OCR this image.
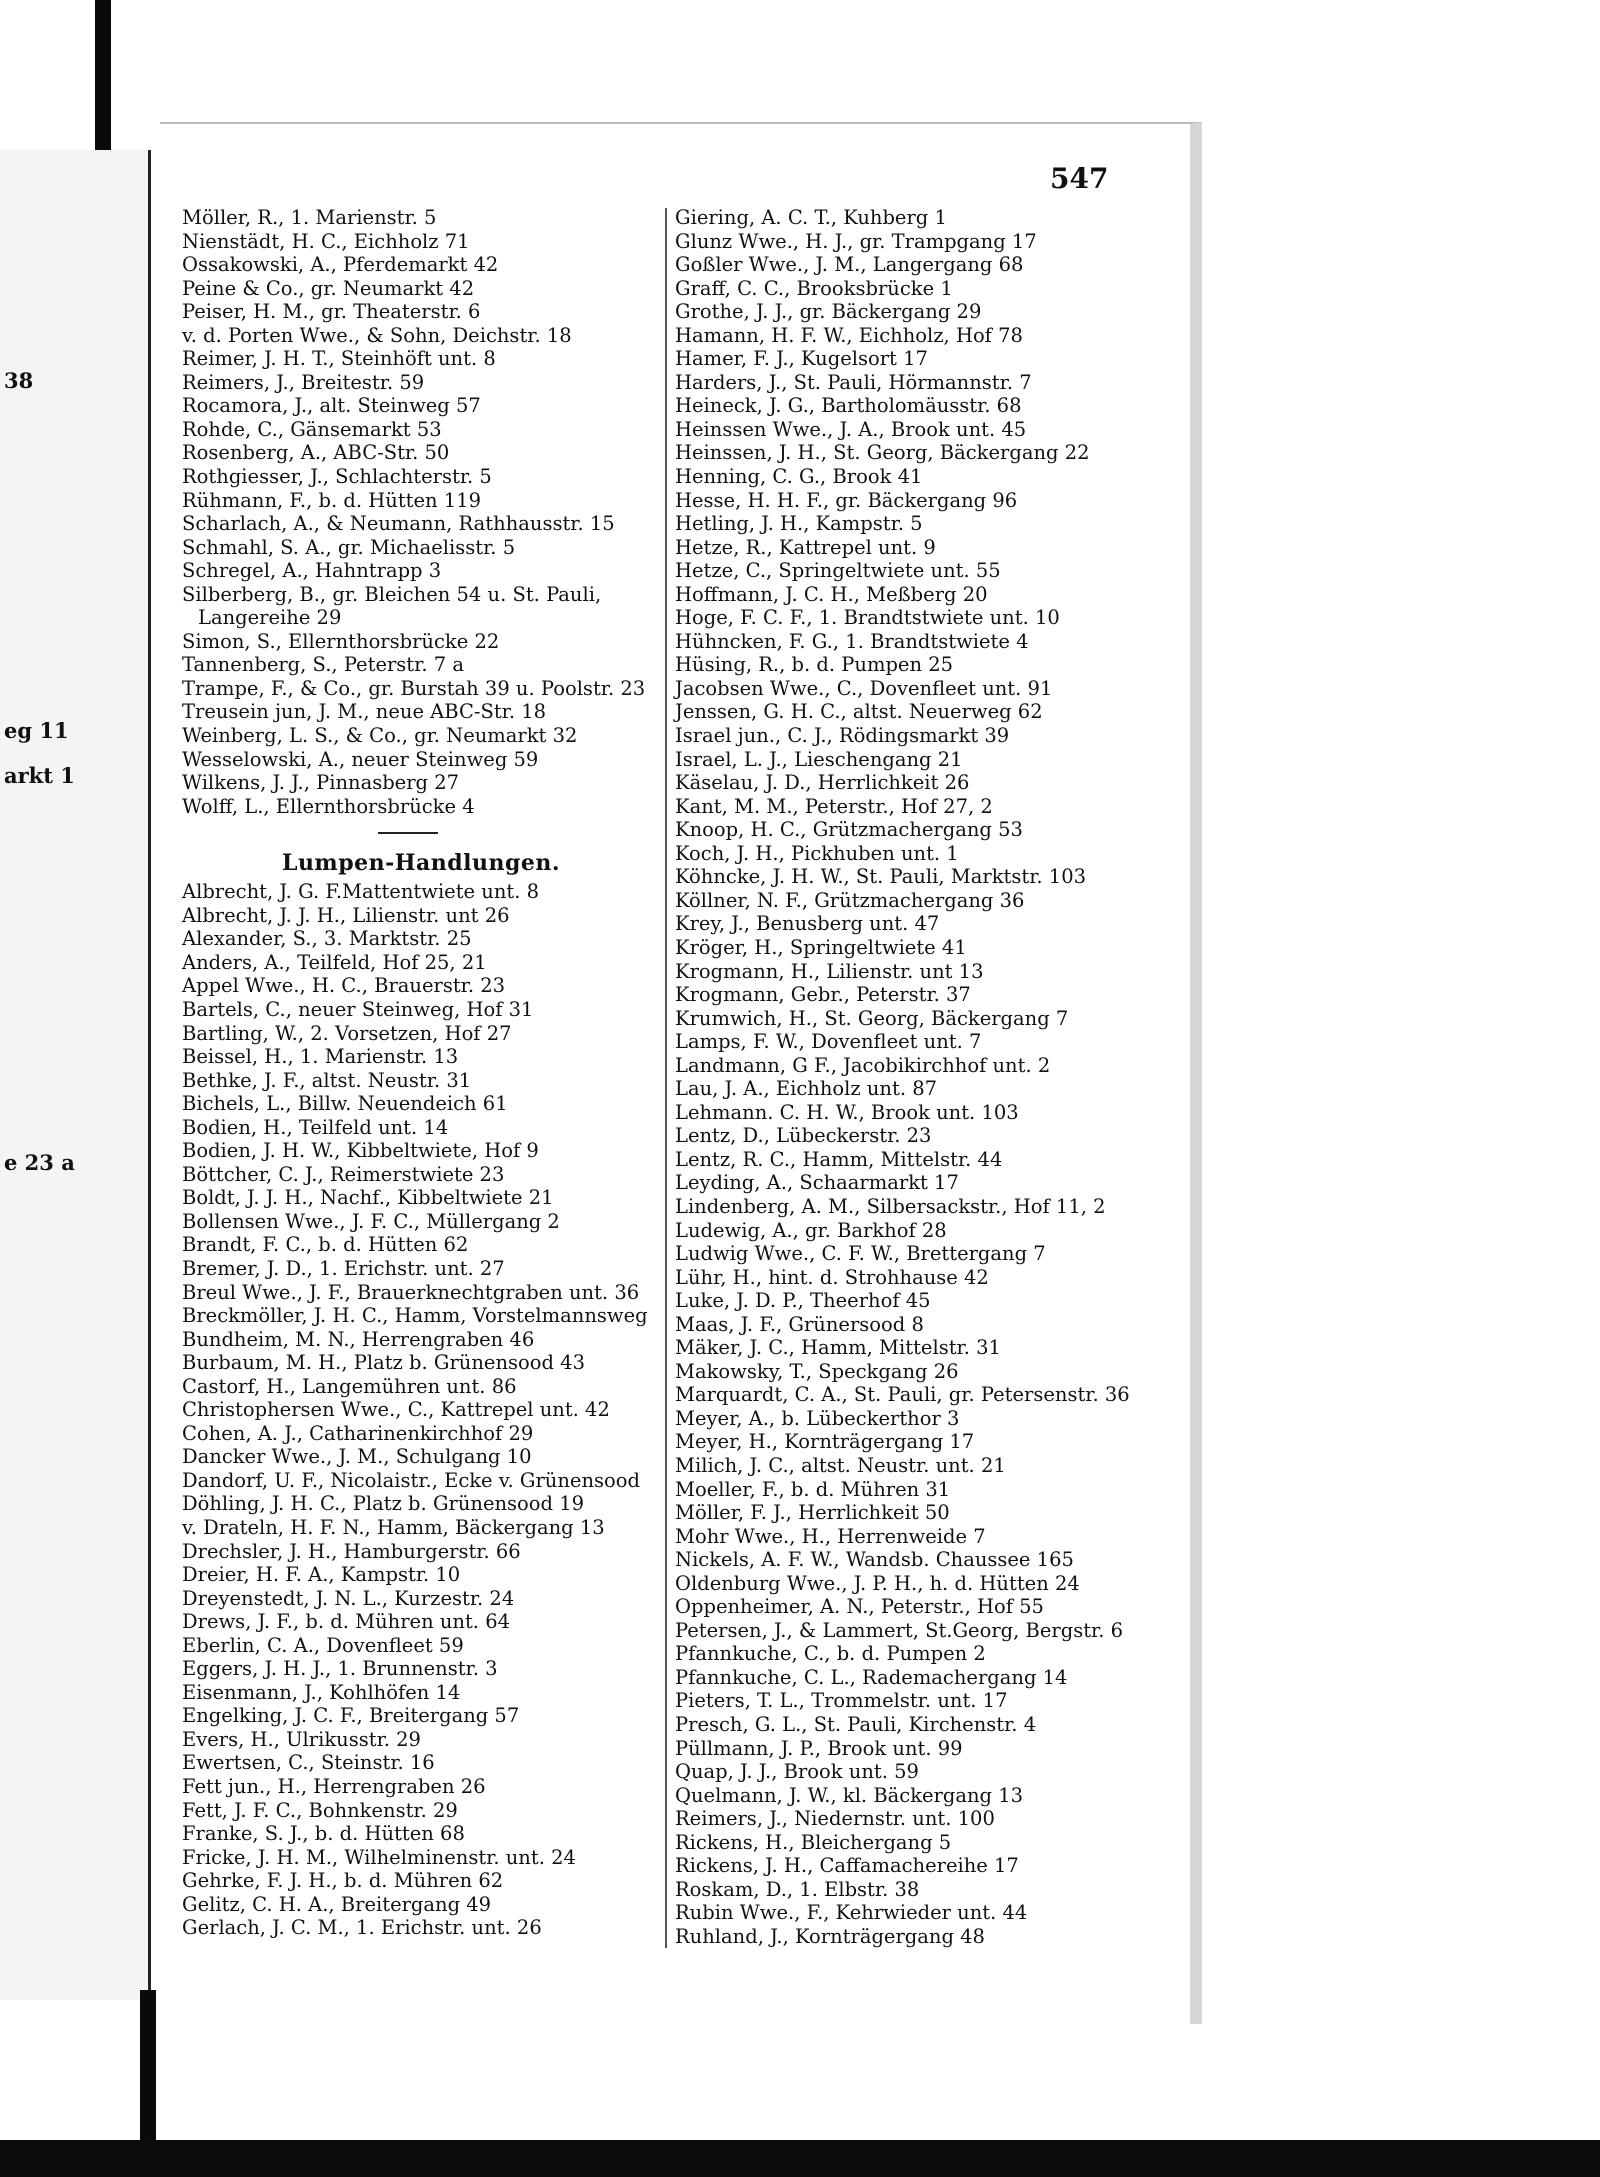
38
eg 11
arkt 1
e 23 a
547
Möller, R., 1. Marienstr. 5
Nienstädt, H. C., Eichholz 71
Ossakowski, A., Pferdemarkt 42
Peine & Co., gr. Neumarkt 42
Peiser, H. M., gr. Theaterstr. 6
v. d. Porten Wwe., & Sohn, Deichstr. 18
Reimer, J. H. T., Steinhöft unt. 8
Reimers, J., Breitestr. 59
Rocamora, J., alt. Steinweg 57
Rohde, C., Gänsemarkt 53
Rosenberg, A., ABC-Str. 50
Rothgiesser, J., Schlachterstr. 5
Rühmann, F., b. d. Hütten 119
Scharlach, A., & Neumann, Rathhausstr. 15
Schmahl, S. A., gr. Michaelisstr. 5
Schregel, A., Hahntrapp 3
Silberberg, B., gr. Bleichen 54 u. St. Pauli,
Langereihe 29
Simon, S., Ellernthorsbrücke 22
Tannenberg, S., Peterstr. 7 a
Trampe, F., & Co., gr. Burstah 39 u. Poolstr. 23
Treusein jun, J. M., neue ABC-Str. 18
Weinberg, L. S., & Co., gr. Neumarkt 32
Wesselowski, A., neuer Steinweg 59
Wilkens, J. J., Pinnasberg 27
Wolff, L., Ellernthorsbrücke 4
Lumpen-Handlungen.
Albrecht, J. G. F.Mattentwiete unt. 8
Albrecht, J. J. H., Lilienstr. unt 26
Alexander, S., 3. Marktstr. 25
Anders, A., Teilfeld, Hof 25, 21
Appel Wwe., H. C., Brauerstr. 23
Bartels, C., neuer Steinweg, Hof 31
Bartling, W., 2. Vorsetzen, Hof 27
Beissel, H., 1. Marienstr. 13
Bethke, J. F., altst. Neustr. 31
Bichels, L., Billw. Neuendeich 61
Bodien, H., Teilfeld unt. 14
Bodien, J. H. W., Kibbeltwiete, Hof 9
Böttcher, C. J., Reimerstwiete 23
Boldt, J. J. H., Nachf., Kibbeltwiete 21
Bollensen Wwe., J. F. C., Müllergang 2
Brandt, F. C., b. d. Hütten 62
Bremer, J. D., 1. Erichstr. unt. 27
Breul Wwe., J. F., Brauerknechtgraben unt. 36
Breckmöller, J. H. C., Hamm, Vorstelmannsweg
Bundheim, M. N., Herrengraben 46
Burbaum, M. H., Platz b. Grünensood 43
Castorf, H., Langemühren unt. 86
Christophersen Wwe., C., Kattrepel unt. 42
Cohen, A. J., Catharinenkirchhof 29
Dancker Wwe., J. M., Schulgang 10
Dandorf, U. F., Nicolaistr., Ecke v. Grünensood
Döhling, J. H. C., Platz b. Grünensood 19
v. Drateln, H. F. N., Hamm, Bäckergang 13
Drechsler, J. H., Hamburgerstr. 66
Dreier, H. F. A., Kampstr. 10
Dreyenstedt, J. N. L., Kurzestr. 24
Drews, J. F., b. d. Mühren unt. 64
Eberlin, C. A., Dovenfleet 59
Eggers, J. H. J., 1. Brunnenstr. 3
Eisenmann, J., Kohlhöfen 14
Engelking, J. C. F., Breitergang 57
Evers, H., Ulrikusstr. 29
Ewertsen, C., Steinstr. 16
Fett jun., H., Herrengraben 26
Fett, J. F. C., Bohnkenstr. 29
Franke, S. J., b. d. Hütten 68
Fricke, J. H. M., Wilhelminenstr. unt. 24
Gehrke, F. J. H., b. d. Mühren 62
Gelitz, C. H. A., Breitergang 49
Gerlach, J. C. M., 1. Erichstr. unt. 26
Giering, A. C. T., Kuhberg 1
Glunz Wwe., H. J., gr. Trampgang 17
Goßler Wwe., J. M., Langergang 68
Graff, C. C., Brooksbrücke 1
Grothe, J. J., gr. Bäckergang 29
Hamann, H. F. W., Eichholz, Hof 78
Hamer, F. J., Kugelsort 17
Harders, J., St. Pauli, Hörmannstr. 7
Heineck, J. G., Bartholomäusstr. 68
Heinssen Wwe., J. A., Brook unt. 45
Heinssen, J. H., St. Georg, Bäckergang 22
Henning, C. G., Brook 41
Hesse, H. H. F., gr. Bäckergang 96
Hetling, J. H., Kampstr. 5
Hetze, R., Kattrepel unt. 9
Hetze, C., Springeltwiete unt. 55
Hoffmann, J. C. H., Meßberg 20
Hoge, F. C. F., 1. Brandtstwiete unt. 10
Hühncken, F. G., 1. Brandtstwiete 4
Hüsing, R., b. d. Pumpen 25
Jacobsen Wwe., C., Dovenfleet unt. 91
Jenssen, G. H. C., altst. Neuerweg 62
Israel jun., C. J., Rödingsmarkt 39
Israel, L. J., Lieschengang 21
Käselau, J. D., Herrlichkeit 26
Kant, M. M., Peterstr., Hof 27, 2
Knoop, H. C., Grützmachergang 53
Koch, J. H., Pickhuben unt. 1
Köhncke, J. H. W., St. Pauli, Marktstr. 103
Köllner, N. F., Grützmachergang 36
Krey, J., Benusberg unt. 47
Kröger, H., Springeltwiete 41
Krogmann, H., Lilienstr. unt 13
Krogmann, Gebr., Peterstr. 37
Krumwich, H., St. Georg, Bäckergang 7
Lamps, F. W., Dovenfleet unt. 7
Landmann, G F., Jacobikirchhof unt. 2
Lau, J. A., Eichholz unt. 87
Lehmann. C. H. W., Brook unt. 103
Lentz, D., Lübeckerstr. 23
Lentz, R. C., Hamm, Mittelstr. 44
Leyding, A., Schaarmarkt 17
Lindenberg, A. M., Silbersackstr., Hof 11, 2
Ludewig, A., gr. Barkhof 28
Ludwig Wwe., C. F. W., Brettergang 7
Lühr, H., hint. d. Strohhause 42
Luke, J. D. P., Theerhof 45
Maas, J. F., Grünersood 8
Mäker, J. C., Hamm, Mittelstr. 31
Makowsky, T., Speckgang 26
Marquardt, C. A., St. Pauli, gr. Petersenstr. 36
Meyer, A., b. Lübeckerthor 3
Meyer, H., Kornträgergang 17
Milich, J. C., altst. Neustr. unt. 21
Moeller, F., b. d. Mühren 31
Möller, F. J., Herrlichkeit 50
Mohr Wwe., H., Herrenweide 7
Nickels, A. F. W., Wandsb. Chaussee 165
Oldenburg Wwe., J. P. H., h. d. Hütten 24
Oppenheimer, A. N., Peterstr., Hof 55
Petersen, J., & Lammert, St.Georg, Bergstr. 6
Pfannkuche, C., b. d. Pumpen 2
Pfannkuche, C. L., Rademachergang 14
Pieters, T. L., Trommelstr. unt. 17
Presch, G. L., St. Pauli, Kirchenstr. 4
Püllmann, J. P., Brook unt. 99
Quap, J. J., Brook unt. 59
Quelmann, J. W., kl. Bäckergang 13
Reimers, J., Niedernstr. unt. 100
Rickens, H., Bleichergang 5
Rickens, J. H., Caffamachereihe 17
Roskam, D., 1. Elbstr. 38
Rubin Wwe., F., Kehrwieder unt. 44
Ruhland, J., Kornträgergang 48
